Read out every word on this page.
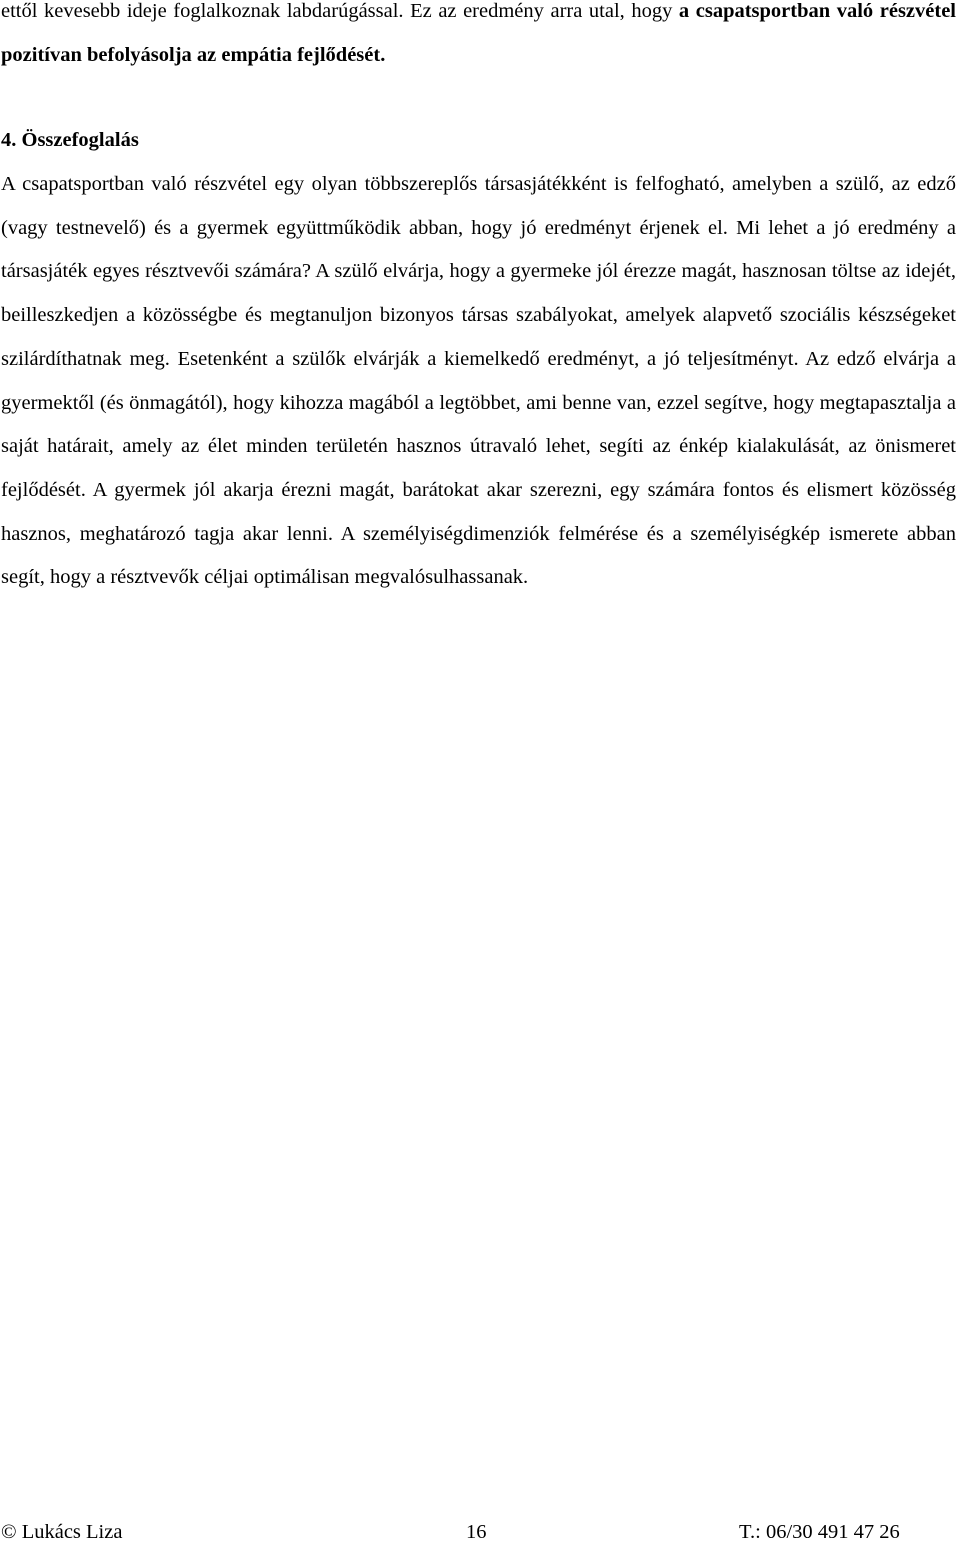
ettől kevesebb ideje foglalkoznak labdarúgással. Ez az eredmény arra utal, hogy a csapatsportban való részvétel pozitívan befolyásolja az empátia fejlődését.

4. Összefoglalás

A csapatsportban való részvétel egy olyan többszereplős társasjátékként is felfogható, amelyben a szülő, az edző (vagy testnevelő) és a gyermek együttműködik abban, hogy jó eredményt érjenek el. Mi lehet a jó eredmény a társasjáték egyes résztvevői számára? A szülő elvárja, hogy a gyermeke jól érezze magát, hasznosan töltse az idejét, beilleszkedjen a közösségbe és megtanuljon bizonyos társas szabályokat, amelyek alapvető szociális készségeket szilárdíthatnak meg. Esetenként a szülők elvárják a kiemelkedő eredményt, a jó teljesítményt. Az edző elvárja a gyermektől (és önmagától), hogy kihozza magából a legtöbbet, ami benne van, ezzel segítve, hogy megtapasztalja a saját határait, amely az élet minden területén hasznos útravaló lehet, segíti az énkép kialakulását, az önismeret fejlődését. A gyermek jól akarja érezni magát, barátokat akar szerezni, egy számára fontos és elismert közösség hasznos, meghatározó tagja akar lenni. A személyiségdimenziók felmérése és a személyiségkép ismerete abban segít, hogy a résztvevők céljai optimálisan megvalósulhassanak.

© Lukács Liza	16	T.: 06/30 491 47 26
